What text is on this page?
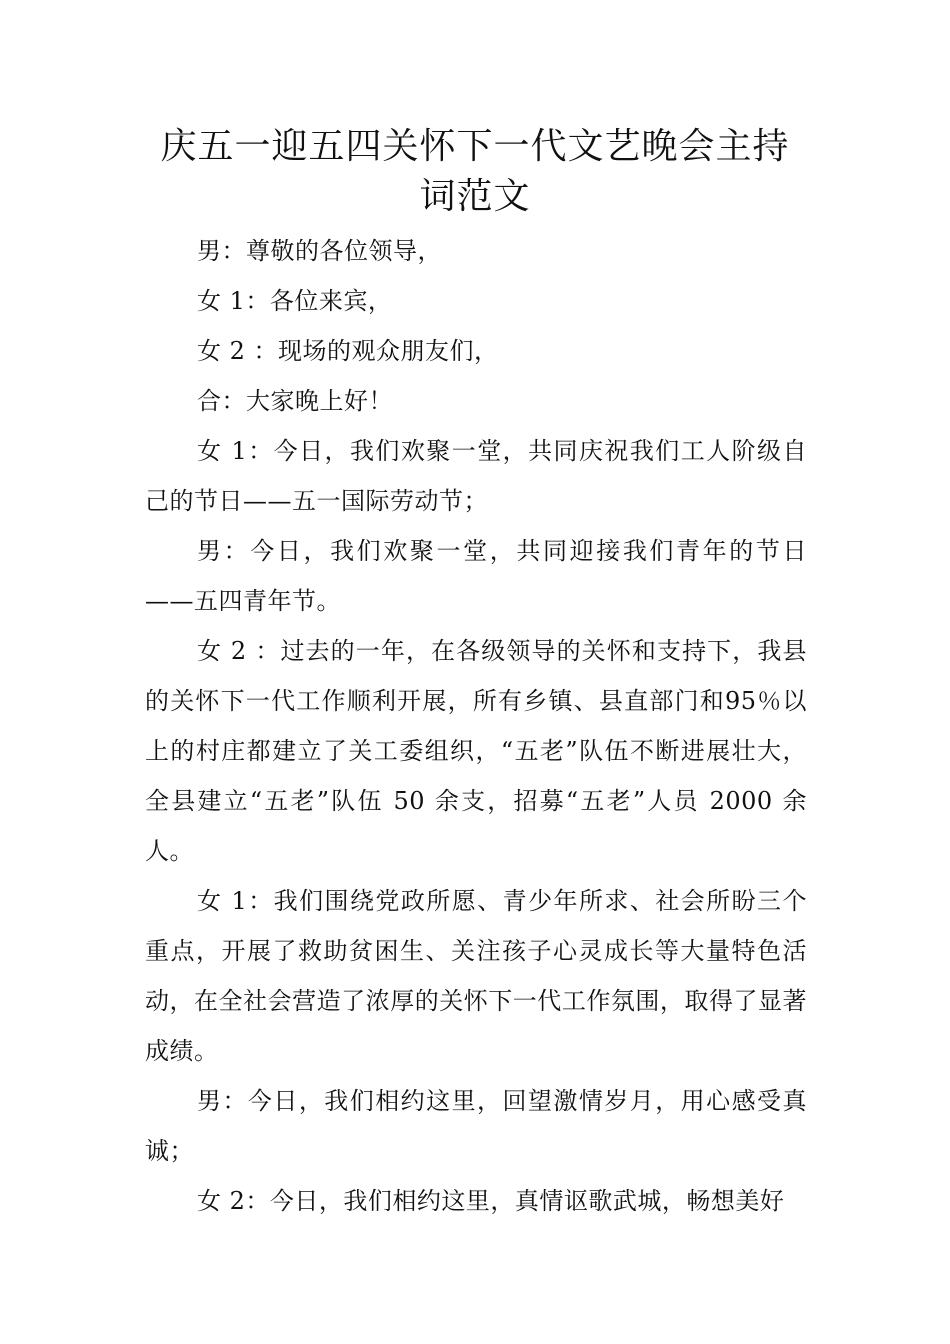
庆五一迎五四关怀下一代文艺晚会主持词范文

男：尊敬的各位领导，

女 1：各位来宾，

女 2 ：现场的观众朋友们，

合：大家晚上好！

女 1：今日，我们欢聚一堂，共同庆祝我们工人阶级自己的节日——五一国际劳动节；

男：今日，我们欢聚一堂，共同迎接我们青年的节日——五四青年节。

女 2 ：过去的一年，在各级领导的关怀和支持下，我县的关怀下一代工作顺利开展，所有乡镇、县直部门和95％以上的村庄都建立了关工委组织，“五老”队伍不断进展壮大，全县建立“五老”队伍 50 余支，招募“五老”人员 2000 余人。

女 1：我们围绕党政所愿、青少年所求、社会所盼三个重点，开展了救助贫困生、关注孩子心灵成长等大量特色活动，在全社会营造了浓厚的关怀下一代工作氛围，取得了显著成绩。

男：今日，我们相约这里，回望激情岁月，用心感受真诚；

女 2：今日，我们相约这里，真情讴歌武城，畅想美好
